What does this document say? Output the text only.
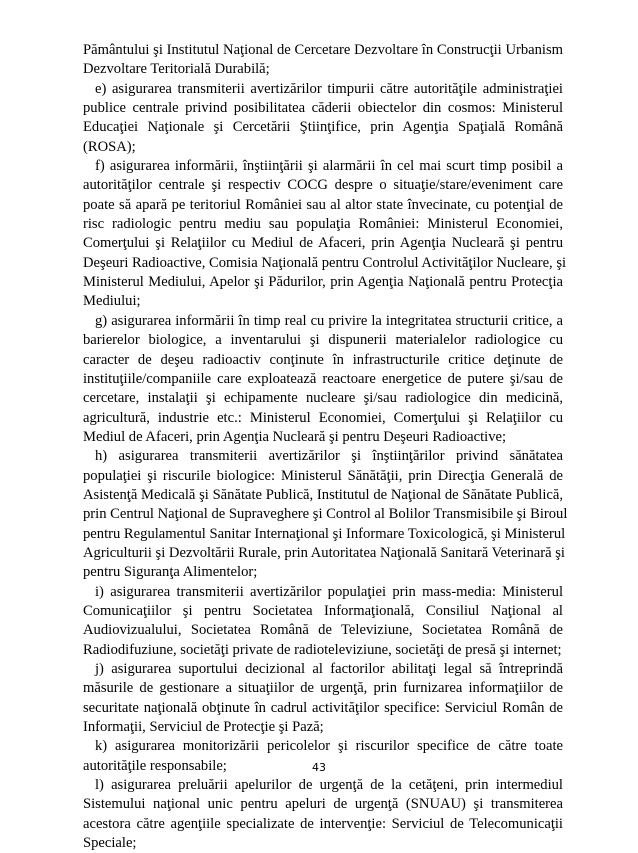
Pământului şi Institutul Naţional de Cercetare Dezvoltare în Construcţii Urbanism
Dezvoltare Teritorială Durabilă;
e) asigurarea transmiterii avertizărilor timpurii către autorităţile administraţiei
publice centrale privind posibilitatea căderii obiectelor din cosmos: Ministerul
Educaţiei Naţionale şi Cercetării Ştiinţifice, prin Agenţia Spaţială Română
(ROSA);
f) asigurarea informării, înştiinţării şi alarmării în cel mai scurt timp posibil a
autorităţilor centrale şi respectiv COCG despre o situaţie/stare/eveniment care
poate să apară pe teritoriul României sau al altor state învecinate, cu potenţial de
risc radiologic pentru mediu sau populaţia României: Ministerul Economiei,
Comerţului şi Relaţiilor cu Mediul de Afaceri, prin Agenţia Nucleară şi pentru
Deşeuri Radioactive, Comisia Naţională pentru Controlul Activităţilor Nucleare, şi
Ministerul Mediului, Apelor şi Pădurilor, prin Agenţia Naţională pentru Protecţia
Mediului;
g) asigurarea informării în timp real cu privire la integritatea structurii critice, a
barierelor biologice, a inventarului şi dispunerii materialelor radiologice cu
caracter de deşeu radioactiv conţinute în infrastructurile critice deţinute de
instituţiile/companiile care exploatează reactoare energetice de putere şi/sau de
cercetare, instalaţii şi echipamente nucleare şi/sau radiologice din medicină,
agricultură, industrie etc.: Ministerul Economiei, Comerţului şi Relaţiilor cu
Mediul de Afaceri, prin Agenţia Nucleară şi pentru Deşeuri Radioactive;
h) asigurarea transmiterii avertizărilor şi înştiinţărilor privind sănătatea
populaţiei şi riscurile biologice: Ministerul Sănătăţii, prin Direcţia Generală de
Asistenţă Medicală şi Sănătate Publică, Institutul de Naţional de Sănătate Publică,
prin Centrul Naţional de Supraveghere şi Control al Bolilor Transmisibile şi Biroul
pentru Regulamentul Sanitar Internaţional şi Informare Toxicologică, şi Ministerul
Agriculturii şi Dezvoltării Rurale, prin Autoritatea Naţională Sanitară Veterinară şi
pentru Siguranţa Alimentelor;
i) asigurarea transmiterii avertizărilor populaţiei prin mass-media: Ministerul
Comunicaţiilor şi pentru Societatea Informaţională, Consiliul Naţional al
Audiovizualului, Societatea Română de Televiziune, Societatea Română de
Radiodifuziune, societăţi private de radioteleviziune, societăţi de presă şi internet;
j) asigurarea suportului decizional al factorilor abilitaţi legal să întreprindă
măsurile de gestionare a situaţiilor de urgenţă, prin furnizarea informaţiilor de
securitate naţională obţinute în cadrul activităţilor specifice: Serviciul Român de
Informaţii, Serviciul de Protecţie şi Pază;
k) asigurarea monitorizării pericolelor şi riscurilor specifice de către toate
autorităţile responsabile;
l) asigurarea preluării apelurilor de urgenţă de la cetăţeni, prin intermediul
Sistemului naţional unic pentru apeluri de urgenţă (SNUAU) şi transmiterea
acestora către agenţiile specializate de intervenţie: Serviciul de Telecomunicaţii
Speciale;
43
